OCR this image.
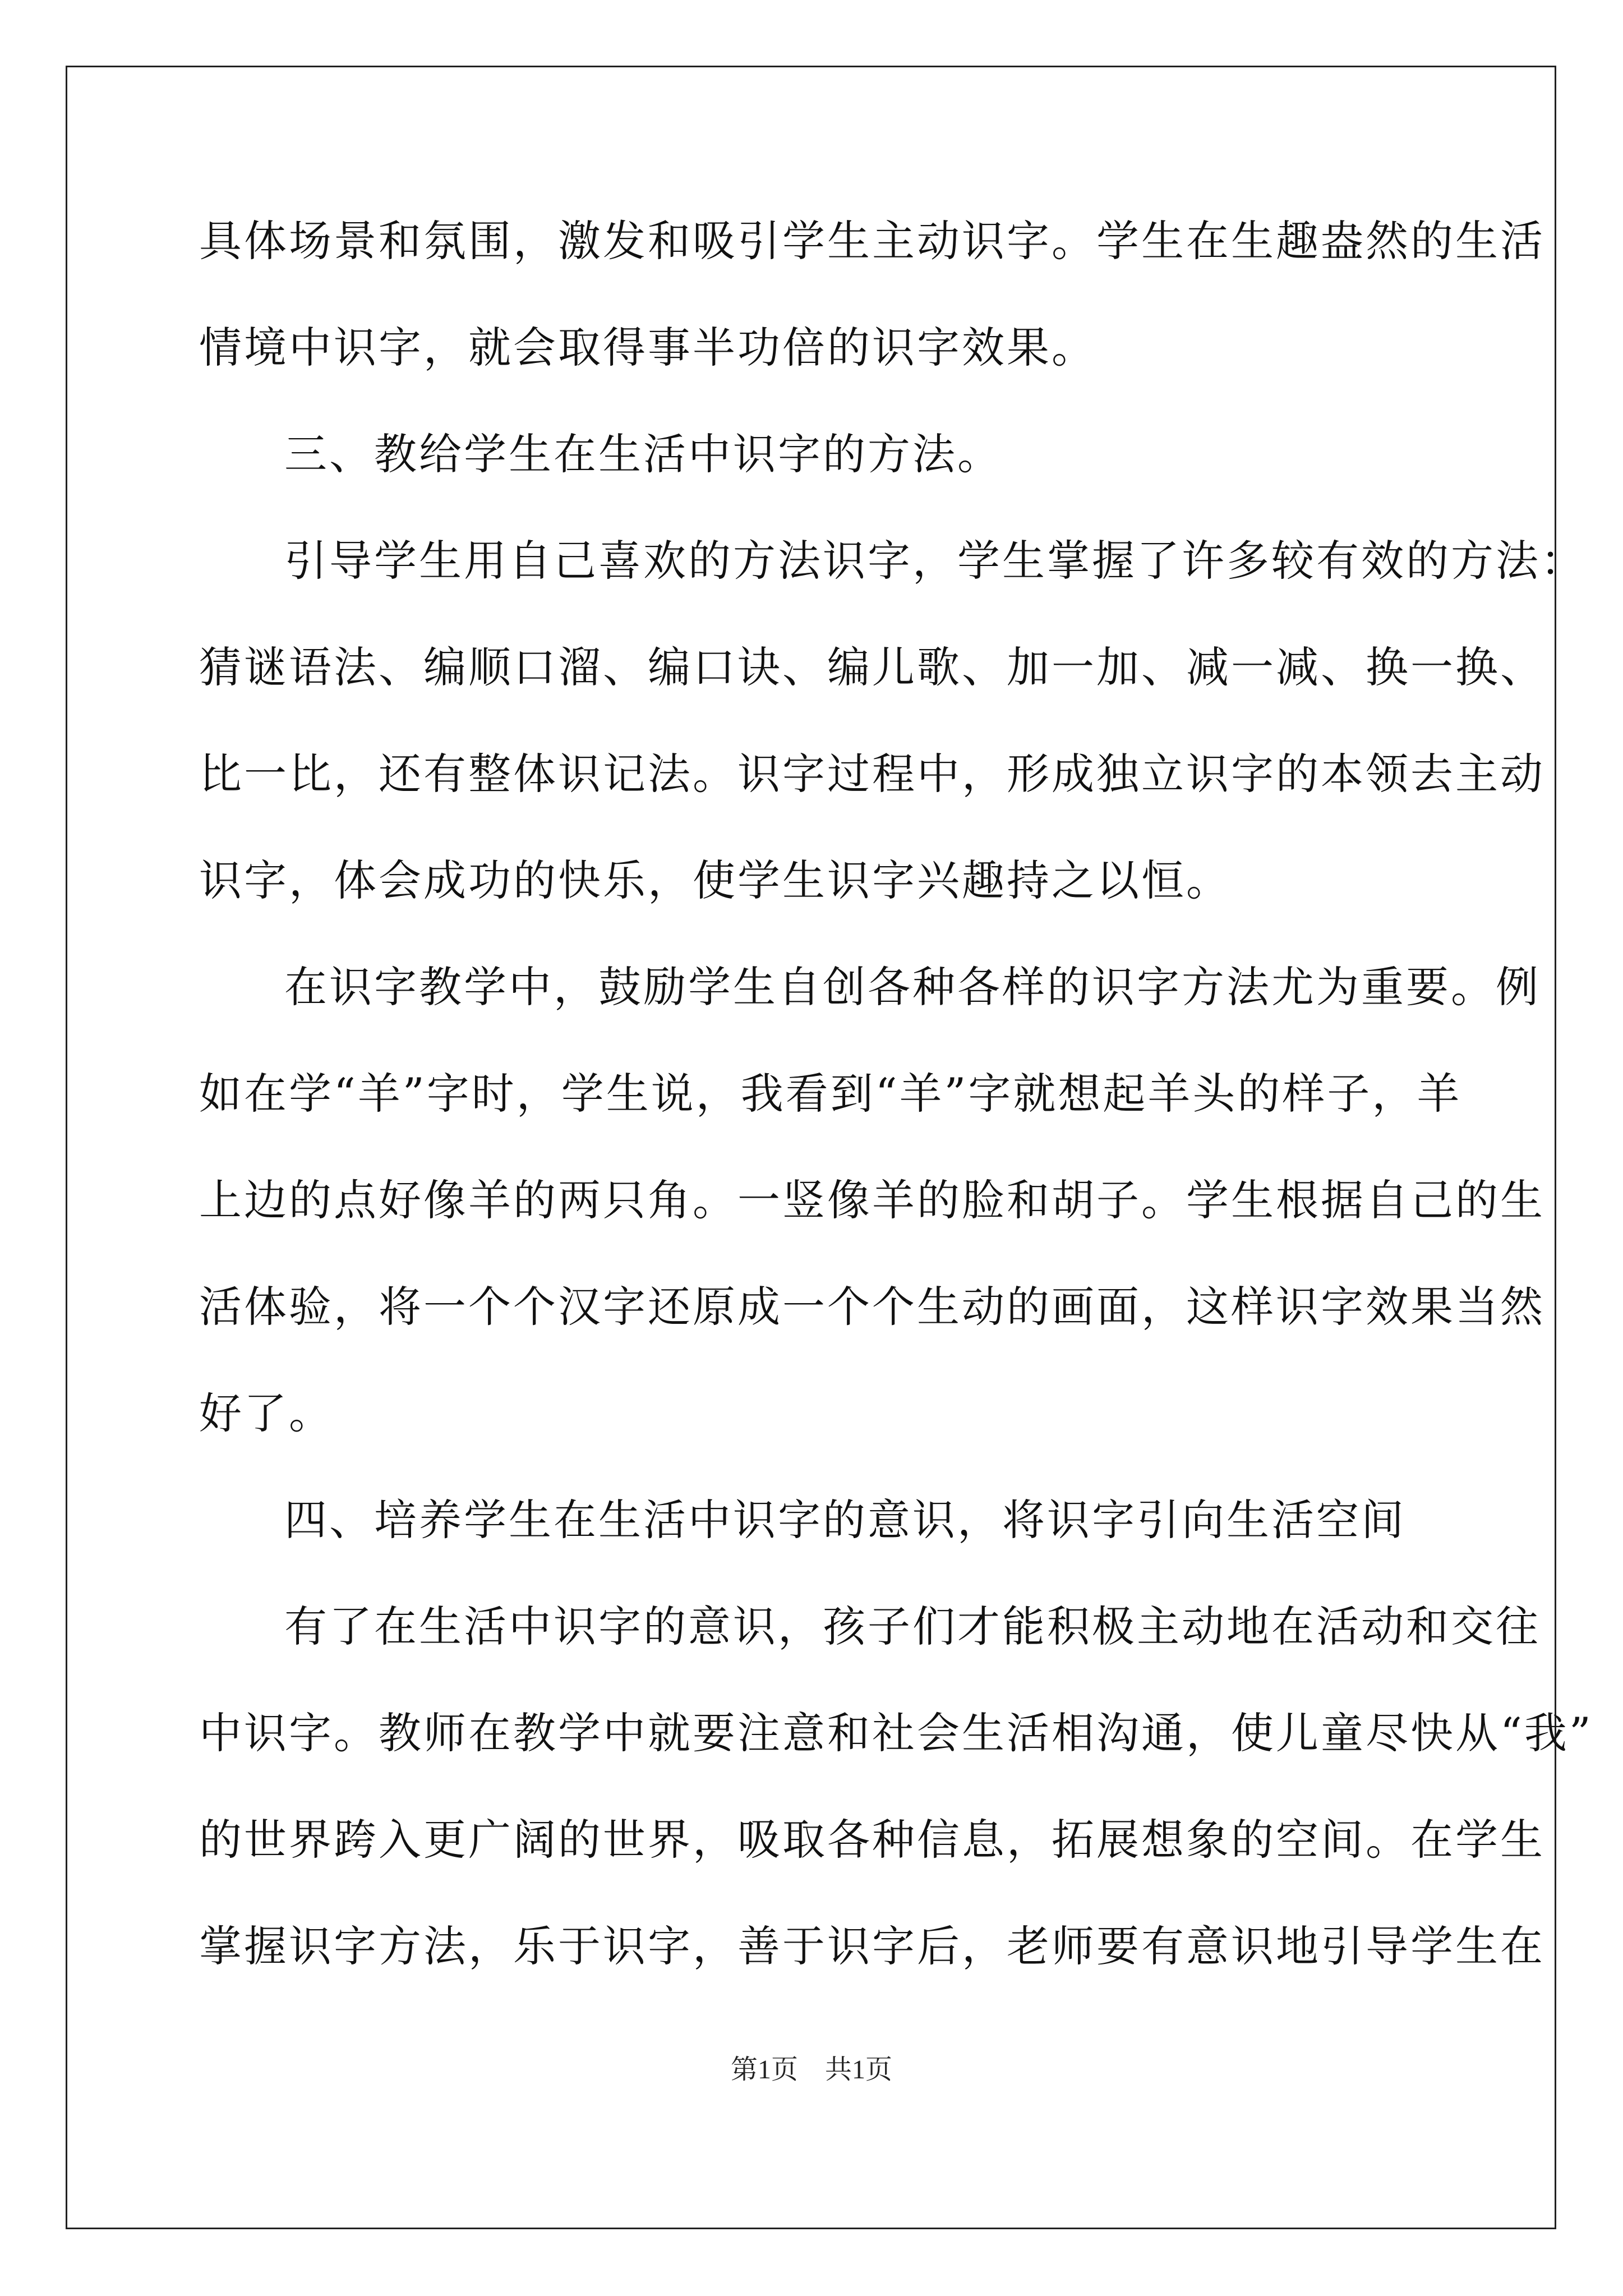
具体场景和氛围，激发和吸引学生主动识字。学生在生趣盎然的生活
情境中识字，就会取得事半功倍的识字效果。
三、教给学生在生活中识字的方法。
引导学生用自己喜欢的方法识字，学生掌握了许多较有效的方法：
猜谜语法、编顺口溜、编口诀、编儿歌、加一加、减一减、换一换、
比一比，还有整体识记法。识字过程中，形成独立识字的本领去主动
识字，体会成功的快乐，使学生识字兴趣持之以恒。
在识字教学中，鼓励学生自创各种各样的识字方法尤为重要。例
如在学“羊”字时，学生说，我看到“羊”字就想起羊头的样子，羊
上边的点好像羊的两只角。一竖像羊的脸和胡子。学生根据自己的生
活体验，将一个个汉字还原成一个个生动的画面，这样识字效果当然
好了。
四、培养学生在生活中识字的意识，将识字引向生活空间
有了在生活中识字的意识，孩子们才能积极主动地在活动和交往
中识字。教师在教学中就要注意和社会生活相沟通，使儿童尽快从“我”
的世界跨入更广阔的世界，吸取各种信息，拓展想象的空间。在学生
掌握识字方法，乐于识字，善于识字后，老师要有意识地引导学生在
第1页　共1页
